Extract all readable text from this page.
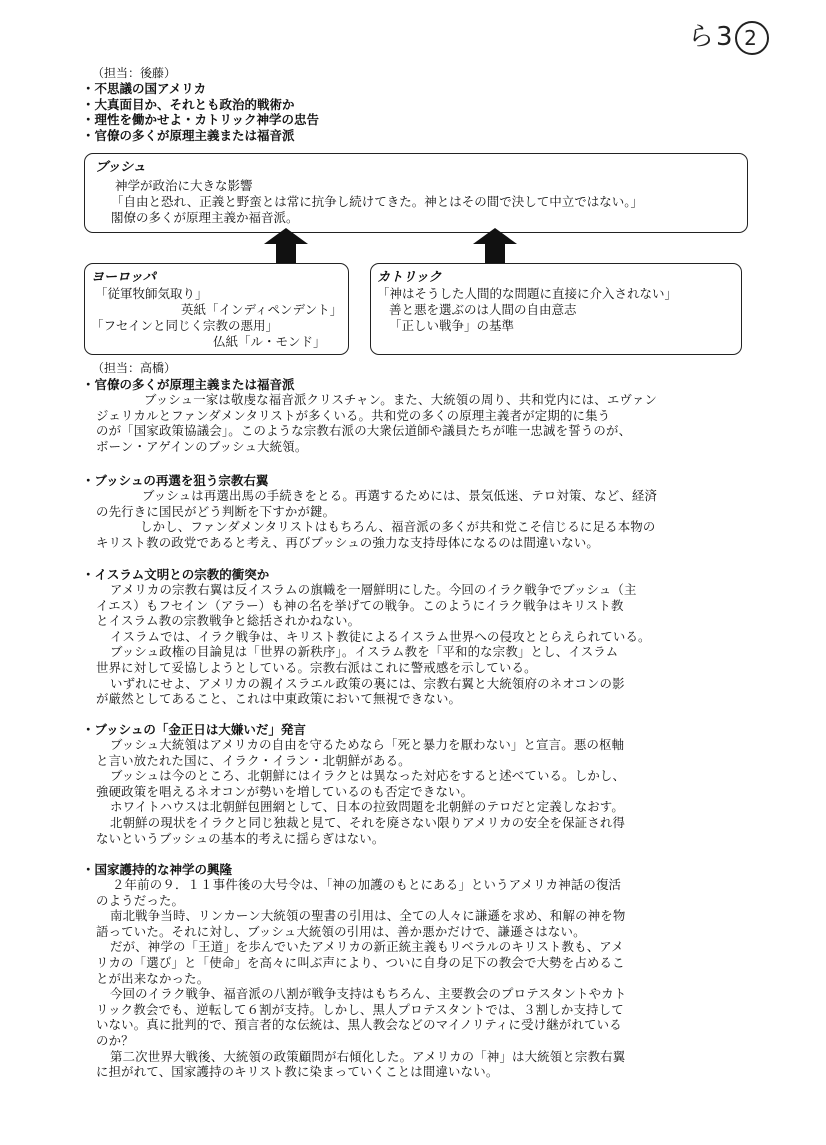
ら3 2
（担当：後藤）
・不思議の国アメリカ
・大真面目か、それとも政治的戦術か
・理性を働かせよ・カトリック神学の忠告
・官僚の多くが原理主義または福音派
ブッシュ
神学が政治に大きな影響
「自由と恐れ、正義と野蛮とは常に抗争し続けてきた。神とはその間で決して中立ではない。」
閣僚の多くが原理主義か福音派。
ヨーロッパ
「従軍牧師気取り」
英紙「インディペンデント」
「フセインと同じく宗教の悪用」
仏紙「ル・モンド」
カトリック
「神はそうした人間的な問題に直接に介入されない」
善と悪を選ぶのは人間の自由意志
「正しい戦争」の基準
（担当：高橋）
・官僚の多くが原理主義または福音派
ブッシュ一家は敬虔な福音派クリスチャン。また、大統領の周り、共和党内には、エヴァン
ジェリカルとファンダメンタリストが多くいる。共和党の多くの原理主義者が定期的に集う
のが「国家政策協議会」。このような宗教右派の大衆伝道師や議員たちが唯一忠誠を誓うのが、
ボーン・アゲインのブッシュ大統領。
・ブッシュの再選を狙う宗教右翼
ブッシュは再選出馬の手続きをとる。再選するためには、景気低迷、テロ対策、など、経済
の先行きに国民がどう判断を下すかが鍵。
しかし、ファンダメンタリストはもちろん、福音派の多くが共和党こそ信じるに足る本物の
キリスト教の政党であると考え、再びブッシュの強力な支持母体になるのは間違いない。
・イスラム文明との宗教的衝突か
アメリカの宗教右翼は反イスラムの旗幟を一層鮮明にした。今回のイラク戦争でブッシュ（主
イエス）もフセイン（アラー）も神の名を挙げての戦争。このようにイラク戦争はキリスト教
とイスラム教の宗教戦争と総括されかねない。
イスラムでは、イラク戦争は、キリスト教徒によるイスラム世界への侵攻ととらえられている。
ブッシュ政権の目論見は「世界の新秩序」。イスラム教を「平和的な宗教」とし、イスラム
世界に対して妥協しようとしている。宗教右派はこれに警戒感を示している。
いずれにせよ、アメリカの親イスラエル政策の裏には、宗教右翼と大統領府のネオコンの影
が厳然としてあること、これは中東政策において無視できない。
・ブッシュの「金正日は大嫌いだ」発言
ブッシュ大統領はアメリカの自由を守るためなら「死と暴力を厭わない」と宣言。悪の枢軸
と言い放たれた国に、イラク・イラン・北朝鮮がある。
ブッシュは今のところ、北朝鮮にはイラクとは異なった対応をすると述べている。しかし、
強硬政策を唱えるネオコンが勢いを増しているのも否定できない。
ホワイトハウスは北朝鮮包囲網として、日本の拉致問題を北朝鮮のテロだと定義しなおす。
北朝鮮の現状をイラクと同じ独裁と見て、それを廃さない限りアメリカの安全を保証され得
ないというブッシュの基本的考えに揺らぎはない。
・国家護持的な神学の興隆
２年前の９．１１事件後の大号令は、「神の加護のもとにある」というアメリカ神話の復活
のようだった。
南北戦争当時、リンカーン大統領の聖書の引用は、全ての人々に謙遜を求め、和解の神を物
語っていた。それに対し、ブッシュ大統領の引用は、善か悪かだけで、謙遜さはない。
だが、神学の「王道」を歩んでいたアメリカの新正統主義もリベラルのキリスト教も、アメ
リカの「選び」と「使命」を高々に叫ぶ声により、ついに自身の足下の教会で大勢を占めるこ
とが出来なかった。
今回のイラク戦争、福音派の八割が戦争支持はもちろん、主要教会のプロテスタントやカト
リック教会でも、逆転して６割が支持。しかし、黒人プロテスタントでは、３割しか支持して
いない。真に批判的で、預言者的な伝統は、黒人教会などのマイノリティに受け継がれている
のか？
第二次世界大戦後、大統領の政策顧問が右傾化した。アメリカの「神」は大統領と宗教右翼
に担がれて、国家護持のキリスト教に染まっていくことは間違いない。
